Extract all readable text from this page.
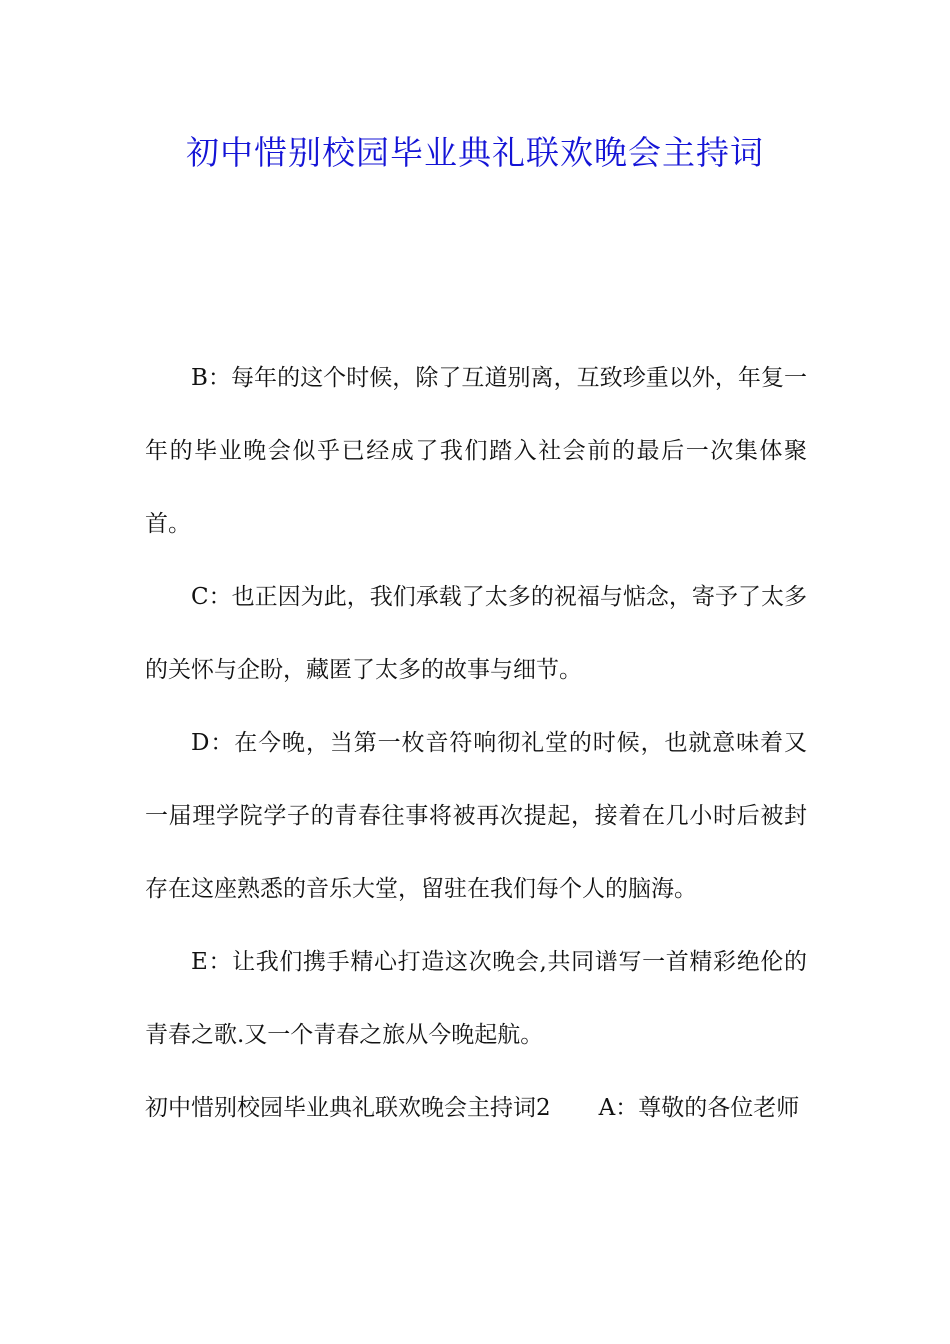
初中惜别校园毕业典礼联欢晚会主持词

B：每年的这个时候，除了互道别离，互致珍重以外，年复一年的毕业晚会似乎已经成了我们踏入社会前的最后一次集体聚首。

C：也正因为此，我们承载了太多的祝福与惦念，寄予了太多的关怀与企盼，藏匿了太多的故事与细节。

D：在今晚，当第一枚音符响彻礼堂的时候，也就意味着又一届理学院学子的青春往事将被再次提起，接着在几小时后被封存在这座熟悉的音乐大堂，留驻在我们每个人的脑海。

E：让我们携手精心打造这次晚会,共同谱写一首精彩绝伦的青春之歌.又一个青春之旅从今晚起航。

初中惜别校园毕业典礼联欢晚会主持词2 A：尊敬的各位老师
